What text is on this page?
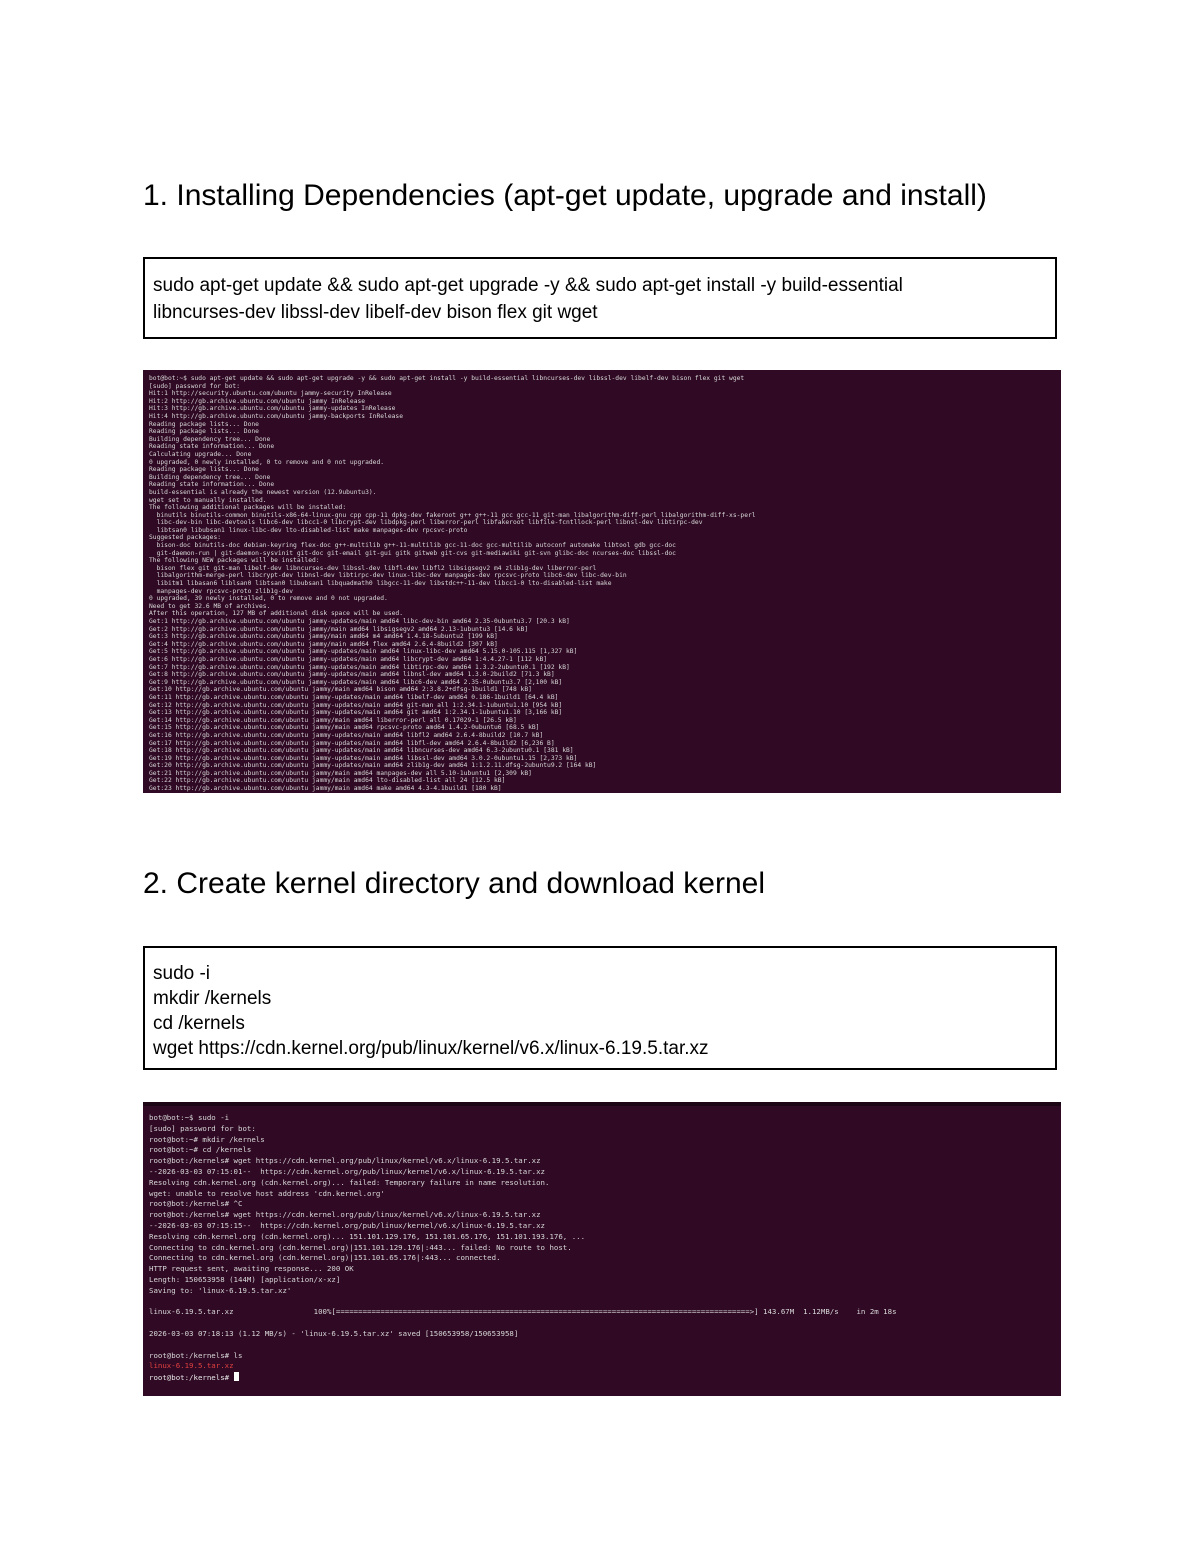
1. Installing Dependencies (apt-get update, upgrade and install)
sudo apt-get update && sudo apt-get upgrade -y && sudo apt-get install -y build-essential
libncurses-dev libssl-dev libelf-dev bison flex git wget
bot@bot:~$ sudo apt-get update && sudo apt-get upgrade -y && sudo apt-get install -y build-essential libncurses-dev libssl-dev libelf-dev bison flex git wget
[sudo] password for bot:
Hit:1 http://security.ubuntu.com/ubuntu jammy-security InRelease
Hit:2 http://gb.archive.ubuntu.com/ubuntu jammy InRelease
Hit:3 http://gb.archive.ubuntu.com/ubuntu jammy-updates InRelease
Hit:4 http://gb.archive.ubuntu.com/ubuntu jammy-backports InRelease
Reading package lists... Done
Reading package lists... Done
Building dependency tree... Done
Reading state information... Done
Calculating upgrade... Done
0 upgraded, 0 newly installed, 0 to remove and 0 not upgraded.
Reading package lists... Done
Building dependency tree... Done
Reading state information... Done
build-essential is already the newest version (12.9ubuntu3).
wget set to manually installed.
The following additional packages will be installed:
binutils binutils-common binutils-x86-64-linux-gnu cpp cpp-11 dpkg-dev fakeroot g++ g++-11 gcc gcc-11 git-man libalgorithm-diff-perl libalgorithm-diff-xs-perl
libc-dev-bin libc-devtools libc6-dev libcc1-0 libcrypt-dev libdpkg-perl liberror-perl libfakeroot libfile-fcntllock-perl libnsl-dev libtirpc-dev
libtsan0 libubsan1 linux-libc-dev lto-disabled-list make manpages-dev rpcsvc-proto
Suggested packages:
bison-doc binutils-doc debian-keyring flex-doc g++-multilib g++-11-multilib gcc-11-doc gcc-multilib autoconf automake libtool gdb gcc-doc
git-daemon-run | git-daemon-sysvinit git-doc git-email git-gui gitk gitweb git-cvs git-mediawiki git-svn glibc-doc ncurses-doc libssl-doc
The following NEW packages will be installed:
bison flex git git-man libelf-dev libncurses-dev libssl-dev libfl-dev libfl2 libsigsegv2 m4 zlib1g-dev liberror-perl
libalgorithm-merge-perl libcrypt-dev libnsl-dev libtirpc-dev linux-libc-dev manpages-dev rpcsvc-proto libc6-dev libc-dev-bin
libitm1 libasan6 liblsan0 libtsan0 libubsan1 libquadmath0 libgcc-11-dev libstdc++-11-dev libcc1-0 lto-disabled-list make
manpages-dev rpcsvc-proto zlib1g-dev
0 upgraded, 39 newly installed, 0 to remove and 0 not upgraded.
Need to get 32.6 MB of archives.
After this operation, 127 MB of additional disk space will be used.
Get:1 http://gb.archive.ubuntu.com/ubuntu jammy-updates/main amd64 libc-dev-bin amd64 2.35-0ubuntu3.7 [20.3 kB]
Get:2 http://gb.archive.ubuntu.com/ubuntu jammy/main amd64 libsigsegv2 amd64 2.13-1ubuntu3 [14.6 kB]
Get:3 http://gb.archive.ubuntu.com/ubuntu jammy/main amd64 m4 amd64 1.4.18-5ubuntu2 [199 kB]
Get:4 http://gb.archive.ubuntu.com/ubuntu jammy/main amd64 flex amd64 2.6.4-8build2 [307 kB]
Get:5 http://gb.archive.ubuntu.com/ubuntu jammy-updates/main amd64 linux-libc-dev amd64 5.15.0-105.115 [1,327 kB]
Get:6 http://gb.archive.ubuntu.com/ubuntu jammy-updates/main amd64 libcrypt-dev amd64 1:4.4.27-1 [112 kB]
Get:7 http://gb.archive.ubuntu.com/ubuntu jammy-updates/main amd64 libtirpc-dev amd64 1.3.2-2ubuntu0.1 [192 kB]
Get:8 http://gb.archive.ubuntu.com/ubuntu jammy-updates/main amd64 libnsl-dev amd64 1.3.0-2build2 [71.3 kB]
Get:9 http://gb.archive.ubuntu.com/ubuntu jammy-updates/main amd64 libc6-dev amd64 2.35-0ubuntu3.7 [2,100 kB]
Get:10 http://gb.archive.ubuntu.com/ubuntu jammy/main amd64 bison amd64 2:3.8.2+dfsg-1build1 [748 kB]
Get:11 http://gb.archive.ubuntu.com/ubuntu jammy-updates/main amd64 libelf-dev amd64 0.186-1build1 [64.4 kB]
Get:12 http://gb.archive.ubuntu.com/ubuntu jammy-updates/main amd64 git-man all 1:2.34.1-1ubuntu1.10 [954 kB]
Get:13 http://gb.archive.ubuntu.com/ubuntu jammy-updates/main amd64 git amd64 1:2.34.1-1ubuntu1.10 [3,166 kB]
Get:14 http://gb.archive.ubuntu.com/ubuntu jammy/main amd64 liberror-perl all 0.17029-1 [26.5 kB]
Get:15 http://gb.archive.ubuntu.com/ubuntu jammy/main amd64 rpcsvc-proto amd64 1.4.2-0ubuntu6 [68.5 kB]
Get:16 http://gb.archive.ubuntu.com/ubuntu jammy-updates/main amd64 libfl2 amd64 2.6.4-8build2 [10.7 kB]
Get:17 http://gb.archive.ubuntu.com/ubuntu jammy-updates/main amd64 libfl-dev amd64 2.6.4-8build2 [6,236 B]
Get:18 http://gb.archive.ubuntu.com/ubuntu jammy-updates/main amd64 libncurses-dev amd64 6.3-2ubuntu0.1 [381 kB]
Get:19 http://gb.archive.ubuntu.com/ubuntu jammy-updates/main amd64 libssl-dev amd64 3.0.2-0ubuntu1.15 [2,373 kB]
Get:20 http://gb.archive.ubuntu.com/ubuntu jammy-updates/main amd64 zlib1g-dev amd64 1:1.2.11.dfsg-2ubuntu9.2 [164 kB]
Get:21 http://gb.archive.ubuntu.com/ubuntu jammy/main amd64 manpages-dev all 5.10-1ubuntu1 [2,309 kB]
Get:22 http://gb.archive.ubuntu.com/ubuntu jammy/main amd64 lto-disabled-list all 24 [12.5 kB]
Get:23 http://gb.archive.ubuntu.com/ubuntu jammy/main amd64 make amd64 4.3-4.1build1 [180 kB]
2. Create kernel directory and download kernel
sudo -i
mkdir /kernels
cd /kernels
wget https://cdn.kernel.org/pub/linux/kernel/v6.x/linux-6.19.5.tar.xz
bot@bot:~$ sudo -i
[sudo] password for bot:
root@bot:~# mkdir /kernels
root@bot:~# cd /kernels
root@bot:/kernels# wget https://cdn.kernel.org/pub/linux/kernel/v6.x/linux-6.19.5.tar.xz
--2026-03-03 07:15:01--  https://cdn.kernel.org/pub/linux/kernel/v6.x/linux-6.19.5.tar.xz
Resolving cdn.kernel.org (cdn.kernel.org)... failed: Temporary failure in name resolution.
wget: unable to resolve host address 'cdn.kernel.org'
root@bot:/kernels# ^C
root@bot:/kernels# wget https://cdn.kernel.org/pub/linux/kernel/v6.x/linux-6.19.5.tar.xz
--2026-03-03 07:15:15--  https://cdn.kernel.org/pub/linux/kernel/v6.x/linux-6.19.5.tar.xz
Resolving cdn.kernel.org (cdn.kernel.org)... 151.101.129.176, 151.101.65.176, 151.101.193.176, ...
Connecting to cdn.kernel.org (cdn.kernel.org)|151.101.129.176|:443... failed: No route to host.
Connecting to cdn.kernel.org (cdn.kernel.org)|151.101.65.176|:443... connected.
HTTP request sent, awaiting response... 200 OK
Length: 150653958 (144M) [application/x-xz]
Saving to: 'linux-6.19.5.tar.xz'
linux-6.19.5.tar.xz                  100%[=============================================================================================>] 143.67M  1.12MB/s    in 2m 18s
2026-03-03 07:18:13 (1.12 MB/s) - 'linux-6.19.5.tar.xz' saved [150653958/150653958]
root@bot:/kernels# ls
linux-6.19.5.tar.xz
root@bot:/kernels#
